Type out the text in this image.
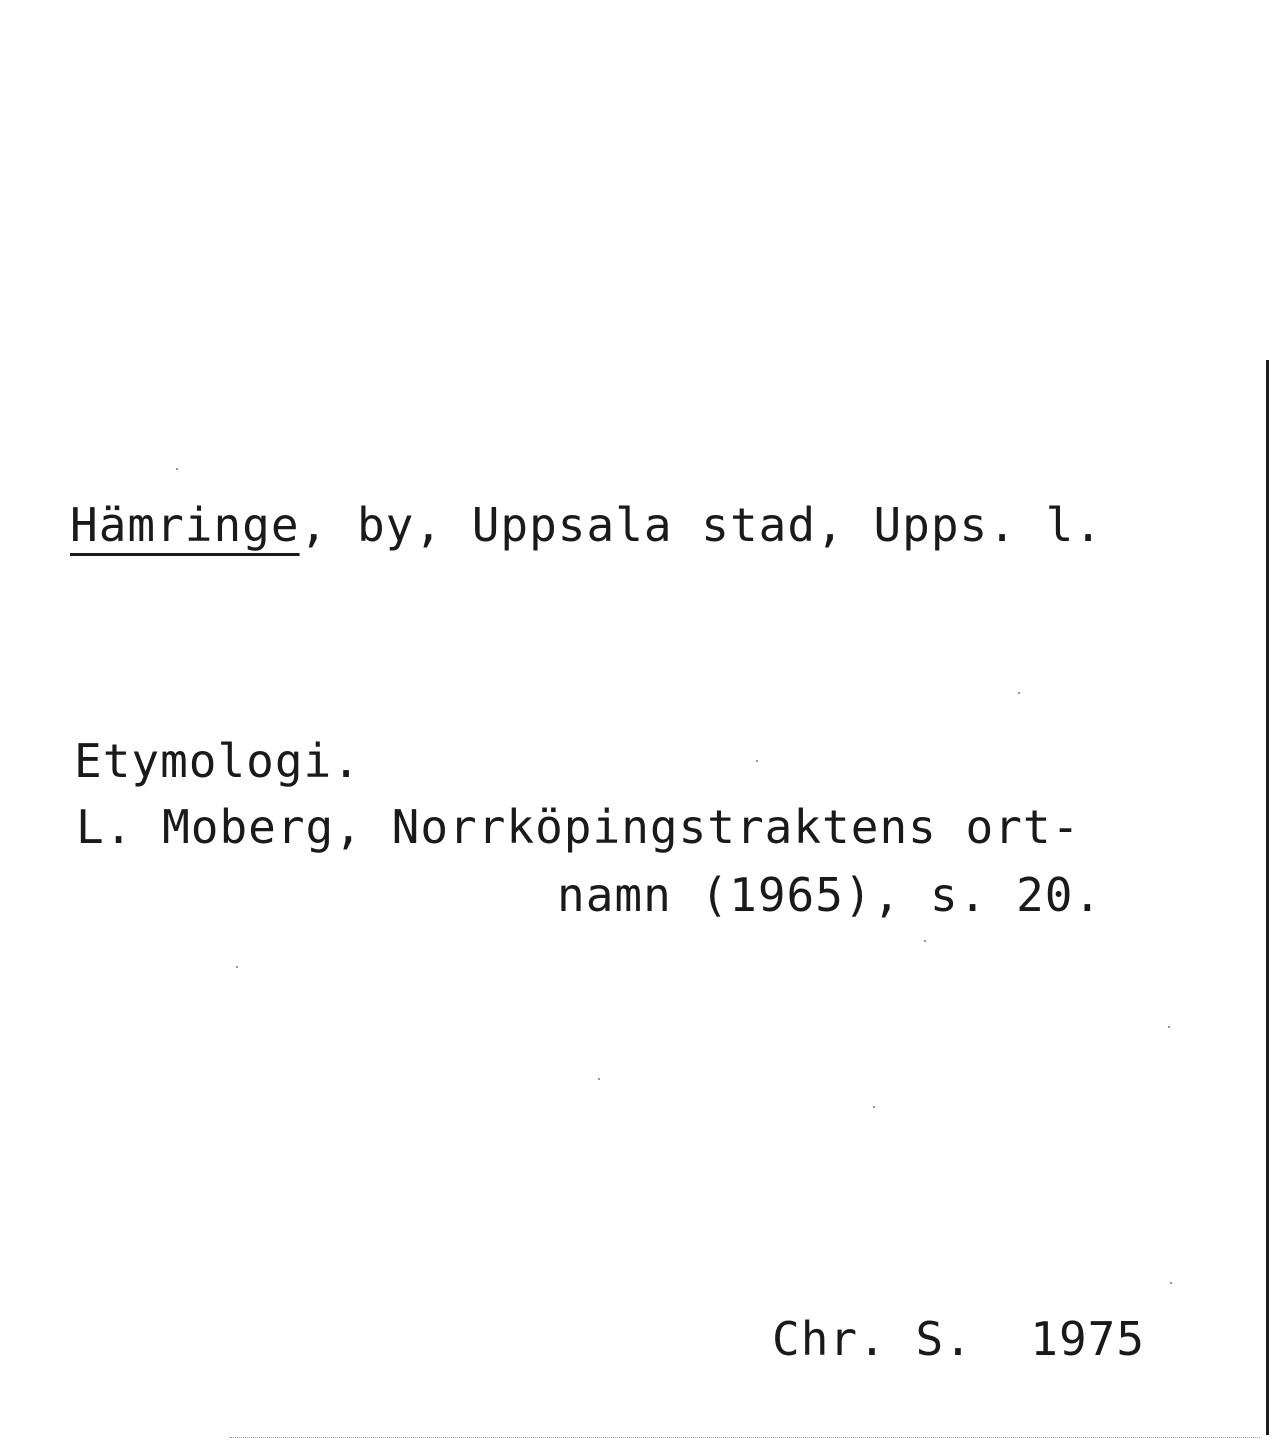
Hämringe, by, Uppsala stad, Upps. l.
Etymologi.
L. Moberg, Norrköpingstraktens ort-
namn (1965), s. 20.
Chr. S.  1975
